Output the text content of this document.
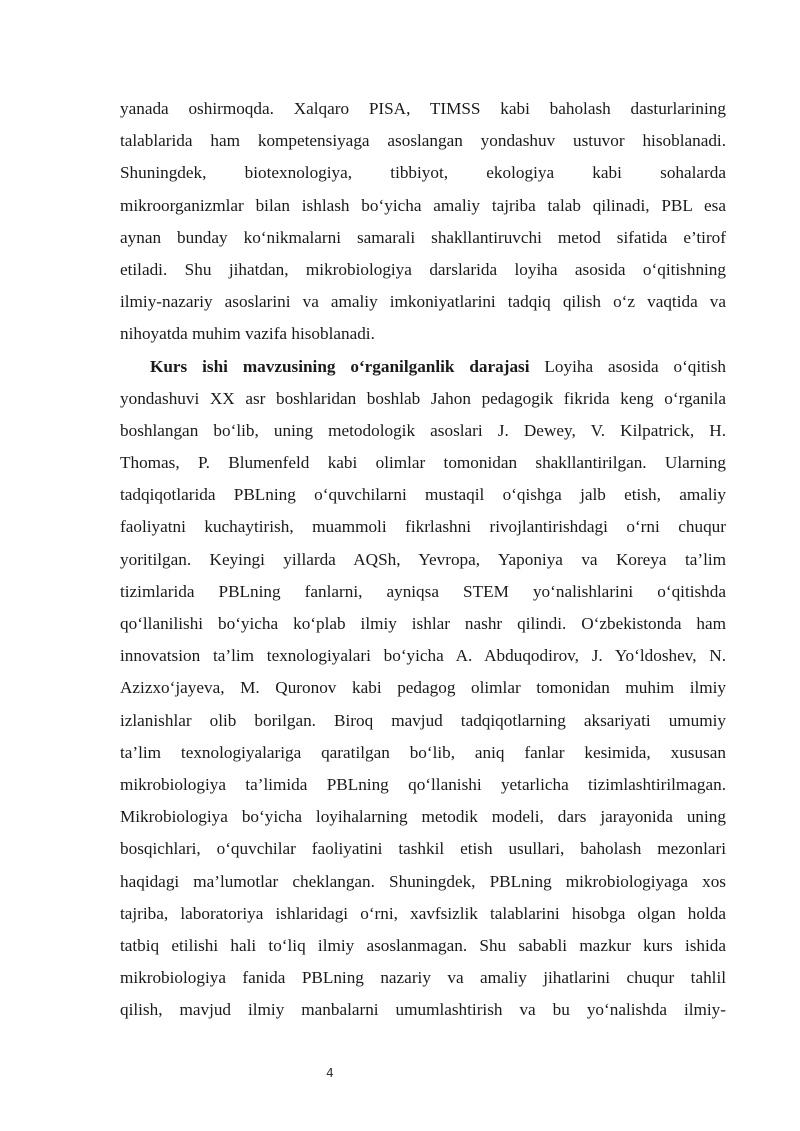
yanada oshirmoqda. Xalqaro PISA, TIMSS kabi baholash dasturlarining
talablarida ham kompetensiyaga asoslangan yondashuv ustuvor hisoblanadi.
Shuningdek, biotexnologiya, tibbiyot, ekologiya kabi sohalarda
mikroorganizmlar bilan ishlash bo‘yicha amaliy tajriba talab qilinadi, PBL esa
aynan bunday ko‘nikmalarni samarali shakllantiruvchi metod sifatida e’tirof
etiladi. Shu jihatdan, mikrobiologiya darslarida loyiha asosida o‘qitishning
ilmiy-nazariy asoslarini va amaliy imkoniyatlarini tadqiq qilish o‘z vaqtida va
nihoyatda muhim vazifa hisoblanadi.
Kurs ishi mavzusining o‘rganilganlik darajasi Loyiha asosida o‘qitish
yondashuvi XX asr boshlaridan boshlab Jahon pedagogik fikrida keng o‘rganila
boshlangan bo‘lib, uning metodologik asoslari J. Dewey, V. Kilpatrick, H.
Thomas, P. Blumenfeld kabi olimlar tomonidan shakllantirilgan. Ularning
tadqiqotlarida PBLning o‘quvchilarni mustaqil o‘qishga jalb etish, amaliy
faoliyatni kuchaytirish, muammoli fikrlashni rivojlantirishdagi o‘rni chuqur
yoritilgan. Keyingi yillarda AQSh, Yevropa, Yaponiya va Koreya ta’lim
tizimlarida PBLning fanlarni, ayniqsa STEM yo‘nalishlarini o‘qitishda
qo‘llanilishi bo‘yicha ko‘plab ilmiy ishlar nashr qilindi. O‘zbekistonda ham
innovatsion ta’lim texnologiyalari bo‘yicha A. Abduqodirov, J. Yo‘ldoshev, N.
Azizxo‘jayeva, M. Quronov kabi pedagog olimlar tomonidan muhim ilmiy
izlanishlar olib borilgan. Biroq mavjud tadqiqotlarning aksariyati umumiy
ta’lim texnologiyalariga qaratilgan bo‘lib, aniq fanlar kesimida, xususan
mikrobiologiya ta’limida PBLning qo‘llanishi yetarlicha tizimlashtirilmagan.
Mikrobiologiya bo‘yicha loyihalarning metodik modeli, dars jarayonida uning
bosqichlari, o‘quvchilar faoliyatini tashkil etish usullari, baholash mezonlari
haqidagi ma’lumotlar cheklangan. Shuningdek, PBLning mikrobiologiyaga xos
tajriba, laboratoriya ishlaridagi o‘rni, xavfsizlik talablarini hisobga olgan holda
tatbiq etilishi hali to‘liq ilmiy asoslanmagan. Shu sababli mazkur kurs ishida
mikrobiologiya fanida PBLning nazariy va amaliy jihatlarini chuqur tahlil
qilish, mavjud ilmiy manbalarni umumlashtirish va bu yo‘nalishda ilmiy-
4
